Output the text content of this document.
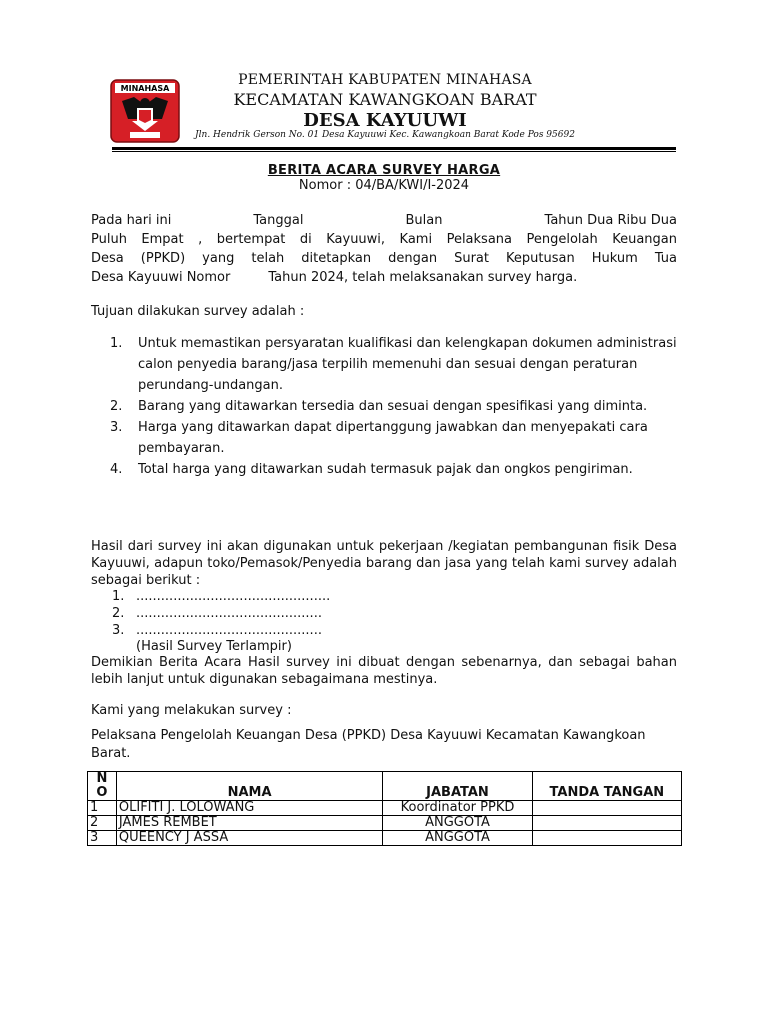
MINAHASA
PEMERINTAH KABUPATEN MINAHASA
KECAMATAN KAWANGKOAN BARAT
DESA KAYUUWI
Jln. Hendrik Gerson No. 01 Desa Kayuuwi Kec. Kawangkoan Barat Kode Pos 95692
BERITA ACARA SURVEY HARGA
Nomor : 04/BA/KWI/I-2024
Pada hari ini	Tanggal	Bulan	Tahun Dua Ribu Dua
Puluh Empat , bertempat di Kayuuwi, Kami Pelaksana Pengelolah Keuangan
Desa (PPKD) yang telah ditetapkan dengan Surat Keputusan Hukum Tua
Desa Kayuuwi Nomor	Tahun 2024, telah melaksanakan survey harga.
Tujuan dilakukan survey adalah :
1. Untuk memastikan persyaratan kualifikasi dan kelengkapan dokumen administrasi calon penyedia barang/jasa terpilih memenuhi dan sesuai dengan peraturan perundang-undangan.
2. Barang yang ditawarkan tersedia dan sesuai dengan spesifikasi yang diminta.
3. Harga yang ditawarkan dapat dipertanggung jawabkan dan menyepakati cara pembayaran.
4. Total harga yang ditawarkan sudah termasuk pajak dan ongkos pengiriman.
Hasil dari survey ini akan digunakan untuk pekerjaan /kegiatan pembangunan fisik Desa Kayuuwi, adapun toko/Pemasok/Penyedia barang dan jasa yang telah kami survey adalah sebagai berikut :
1. ...............................................
2. .............................................
3. .............................................
(Hasil Survey Terlampir)
Demikian Berita Acara Hasil survey ini dibuat dengan sebenarnya, dan sebagai bahan lebih lanjut untuk digunakan sebagaimana mestinya.
Kami yang melakukan survey :
Pelaksana Pengelolah Keuangan Desa (PPKD) Desa Kayuuwi Kecamatan Kawangkoan Barat.
N O	NAMA	JABATAN	TANDA TANGAN
1	OLIFITI J. LOLOWANG	Koordinator PPKD	
2	JAMES REMBET	ANGGOTA	
3	QUEENCY J ASSA	ANGGOTA	
